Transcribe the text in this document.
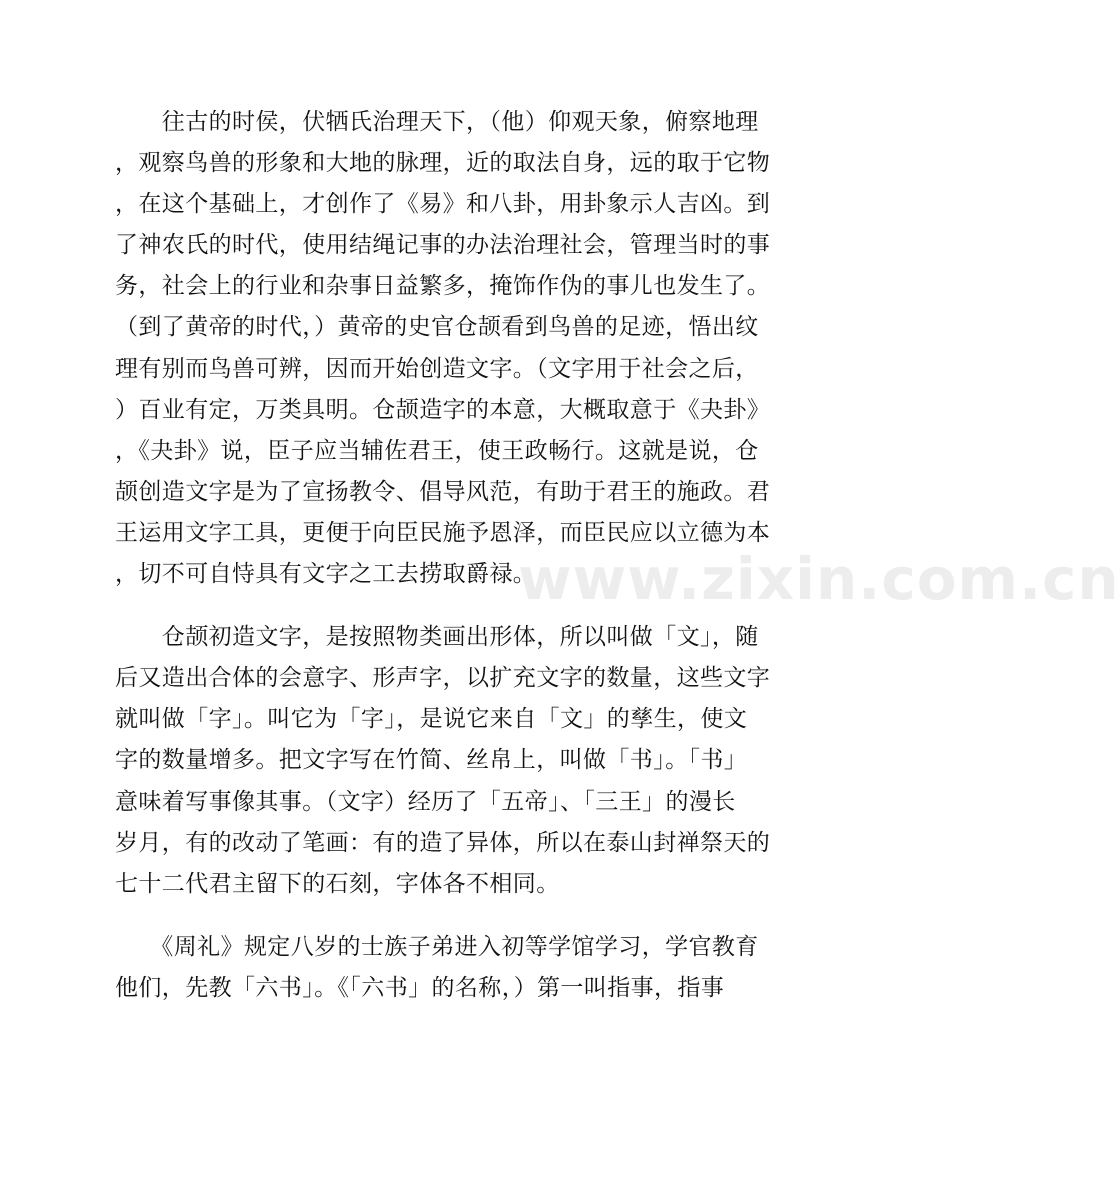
www.zixin.com.cn
　　往古的时侯，伏牺氏治理天下，（他）仰观天象，俯察地理
，观察鸟兽的形象和大地的脉理，近的取法自身，远的取于它物
，在这个基础上，才创作了《易》和八卦，用卦象示人吉凶。到
了神农氏的时代，使用结绳记事的办法治理社会，管理当时的事
务，社会上的行业和杂事日益繁多，掩饰作伪的事儿也发生了。
（到了黄帝的时代，）黄帝的史官仓颉看到鸟兽的足迹，悟出纹
理有别而鸟兽可辨，因而开始创造文字。（文字用于社会之后，
）百业有定，万类具明。仓颉造字的本意，大概取意于《夬卦》
，《夬卦》说，臣子应当辅佐君王，使王政畅行。这就是说，仓
颉创造文字是为了宣扬教令、倡导风范，有助于君王的施政。君
王运用文字工具，更便于向臣民施予恩泽，而臣民应以立德为本
，切不可自恃具有文字之工去捞取爵禄。
　　仓颉初造文字，是按照物类画出形体，所以叫做「文」，随
后又造出合体的会意字、形声字，以扩充文字的数量，这些文字
就叫做「字」。叫它为「字」，是说它来自「文」的孳生，使文
字的数量增多。把文字写在竹简、丝帛上，叫做「书」。「书」
意味着写事像其事。（文字）经历了「五帝」、「三王」的漫长
岁月，有的改动了笔画：有的造了异体，所以在泰山封禅祭天的
七十二代君主留下的石刻，字体各不相同。
　　《周礼》规定八岁的士族子弟进入初等学馆学习，学官教育
他们，先教「六书」。《「六书」的名称，）第一叫指事，指事
